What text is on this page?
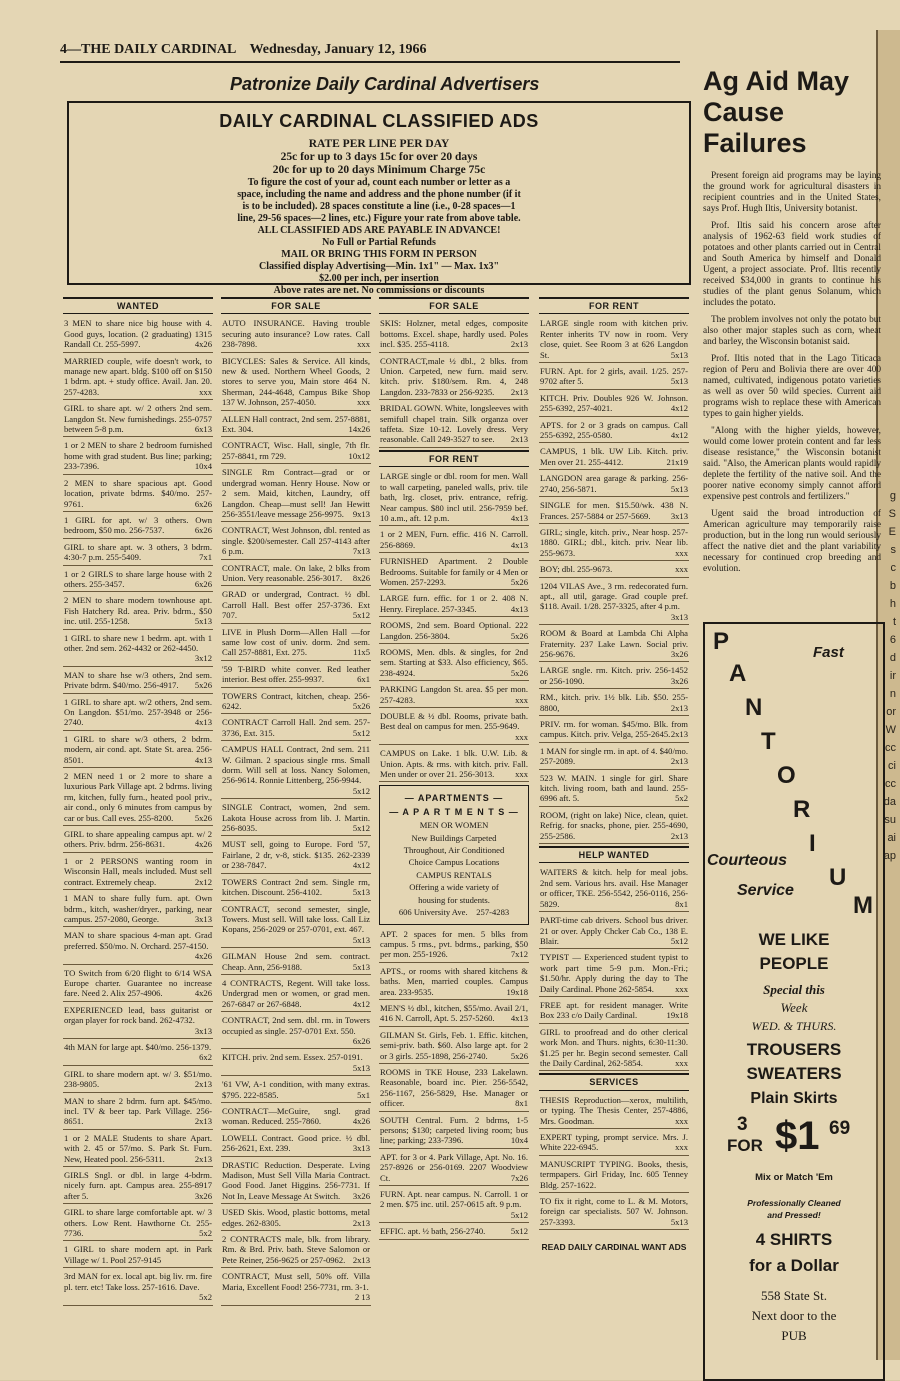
g
S
E
s
c
b
h
t
6
d
ir
n
or
W
cc
ci
cc
da
su
ai
ap
4—THE DAILY CARDINAL Wednesday, January 12, 1966
Patronize Daily Cardinal Advertisers
DAILY CARDINAL CLASSIFIED ADS
RATE PER LINE PER DAY
25c for up to 3 days 15c for over 20 days
20c for up to 20 days Minimum Charge 75c
To figure the cost of your ad, count each number or letter as a
space, including the name and address and the phone number (if it
is to be included). 28 spaces constitute a line (i.e., 0-28 spaces—1
line, 29-56 spaces—2 lines, etc.) Figure your rate from above table.
ALL CLASSIFIED ADS ARE PAYABLE IN ADVANCE!
No Full or Partial Refunds
MAIL OR BRING THIS FORM IN PERSON
Classified display Advertising—Min. 1x1" — Max. 1x3"
$2.00 per inch, per insertion
Above rates are net. No commissions or discounts
WANTED
3 MEN to share nice big house with 4. Good guys, location. (2 graduating) 1315 Randall Ct. 255-5997.	4x26
MARRIED couple, wife doesn't work, to manage new apart. bldg. $100 off on $150 1 bdrm. apt. + study office. Avail. Jan. 20. 257-4283.	xxx
GIRL to share apt. w/ 2 others 2nd sem. Langdon St. New furnishedings. 255-0757 between 5-8 p.m.	6x13
1 or 2 MEN to share 2 bedroom furnished home with grad student. Bus line; parking; 233-7396.	10x4
2 MEN to share spacious apt. Good location, private bdrms. $40/mo. 257-9761.	6x26
1 GIRL for apt. w/ 3 others. Own bedroom, $50 mo. 256-7537.	6x26
GIRL to share apt. w. 3 others, 3 bdrm. 4:30-7 p.m. 255-5409.	7x1
1 or 2 GIRLS to share large house with 2 others. 255-3457.	6x26
2 MEN to share modern townhouse apt. Fish Hatchery Rd. area. Priv. bdrm., $50 inc. util. 255-1258.	5x13
1 GIRL to share new 1 bedrm. apt. with 1 other. 2nd sem. 262-4432 or 262-4450.
3x12
MAN to share hse w/3 others, 2nd sem. Private bdrm. $40/mo. 256-4917. 5x26
1 GIRL to share apt. w/2 others, 2nd sem. On Langdon. $51/mo. 257-3948 or 256-2740.	4x13
1 GIRL to share w/3 others, 2 bdrm. modern, air cond. apt. State St. area. 256-8501.	4x13
2 MEN need 1 or 2 more to share a luxurious Park Village apt. 2 bdrms. living rm, kitchen, fully furn., heated pool priv., air cond., only 6 minutes from campus by car or bus. Call eves. 255-8200.	5x26
GIRL to share appealing campus apt. w/ 2 others. Priv. bdrm. 256-8631.	4x26
1 or 2 PERSONS wanting room in Wisconsin Hall, meals included. Must sell contract. Extremely cheap.	2x12
1 MAN to share fully furn. apt. Own bdrm., kitch, washer/dryer., parking, near campus. 257-2080, George.	3x13
MAN to share spacious 4-man apt. Grad preferred. $50/mo. N. Orchard. 257-4150.
4x26
TO Switch from 6/20 flight to 6/14 WSA Europe charter. Guarantee no increase fare. Need 2. Alix 257-4906.	4x26
EXPERIENCED lead, bass guitarist or organ player for rock band. 262-4732.
3x13
4th MAN for large apt. $40/mo. 256-1379.
6x2
GIRL to share modern apt. w/ 3. $51/mo. 238-9805.	2x13
MAN to share 2 bdrm. furn apt. $45/mo. incl. TV & beer tap. Park Village. 256-8651.	2x13
1 or 2 MALE Students to share Apart. with 2. 45 or 57/mo. S. Park St. Furn. New, Heated pool. 256-5311.	2x13
GIRLS Sngl. or dbl. in large 4-bdrm. nicely furn. apt. Campus area. 255-8917 after 5.	3x26
GIRL to share large comfortable apt. w/ 3 others. Low Rent. Hawthorne Ct. 255-7736.	5x2
1 GIRL to share modern apt. in Park Village w/ 1. Pool 257-9145
3rd MAN for ex. local apt. big liv. rm. fire pl. terr. etc! Take loss. 257-1616. Dave.
5x2
FOR SALE
AUTO INSURANCE. Having trouble securing auto insurance? Low rates. Call 238-7898.	xxx
BICYCLES: Sales & Service. All kinds, new & used. Northern Wheel Goods, 2 stores to serve you, Main store 464 N. Sherman, 244-4648, Campus Bike Shop 137 W. Johnson, 257-4050.	xxx
ALLEN Hall contract, 2nd sem. 257-8881, Ext. 304.	14x26
CONTRACT, Wisc. Hall, single, 7th flr. 257-8841, rm 729.	10x12
SINGLE Rm Contract—grad or or undergrad woman. Henry House. Now or 2 sem. Maid, kitchen, Laundry, off Langdon. Cheap—must sell! Jan Hewitt 256-3551/leave message 256-9975. 9x13
CONTRACT, West Johnson, dbl. rented as single. $200/semester. Call 257-4143 after 6 p.m.	7x13
CONTRACT, male. On lake, 2 blks from Union. Very reasonable. 256-3017. 8x26
GRAD or undergrad, Contract. ½ dbl. Carroll Hall. Best offer 257-3736. Ext 707.	5x12
LIVE in Plush Dorm—Allen Hall —for same low cost of univ. dorm. 2nd sem. Call 257-8881, Ext. 275.	11x5
'59 T-BIRD white conver. Red leather interior. Best offer. 255-9937.	6x1
TOWERS Contract, kitchen, cheap. 256-6242.	5x26
CONTRACT Carroll Hall. 2nd sem. 257-3736, Ext. 315.	5x12
CAMPUS HALL Contract, 2nd sem. 211 W. Gilman. 2 spacious single rms. Small dorm. Will sell at loss. Nancy Solomen, 256-9614. Ronnie Littenberg, 256-9944.
5x12
SINGLE Contract, women, 2nd sem. Lakota House across from lib. J. Martin. 256-8035.	5x12
MUST sell, going to Europe. Ford '57, Fairlane, 2 dr, v-8, stick. $135. 262-2339 or 238-7847.	4x12
TOWERS Contract 2nd sem. Single rm, kitchen. Discount. 256-4102.	5x13
CONTRACT, second semester, single, Towers. Must sell. Will take loss. Call Liz Kopans, 256-2029 or 257-0701, ext. 467.
5x13
GILMAN House 2nd sem. contract. Cheap. Ann, 256-9188.	5x13
4 CONTRACTS, Regent. Will take loss. Undergrad men or women, or grad men. 267-6847 or 267-6848.	4x12
CONTRACT, 2nd sem. dbl. rm. in Towers occupied as single. 257-0701 Ext. 550.
6x26
KITCH. priv. 2nd sem. Essex. 257-0191.
5x13
'61 VW, A-1 condition, with many extras. $795. 222-8585.	5x1
CONTRACT—McGuire, sngl. grad woman. Reduced. 255-7860.	4x26
LOWELL Contract. Good price. ½ dbl. 256-2621, Ext. 239.	3x13
DRASTIC Reduction. Desperate. Lving Madison, Must Sell Villa Maria Contract. Good Food. Janet Higgins. 256-7731. If Not In, Leave Message At Switch. 3x26
USED Skis. Wood, plastic bottoms, metal edges. 262-8305.	2x13
2 CONTRACTS male, blk. from library. Rm. & Brd. Priv. bath. Steve Salomon or Pete Reiner, 256-9625 or 257-0962. 2x13
CONTRACT, Must sell, 50% off. Villa Maria, Excellent Food! 256-7731, rm. 3-1.
2 13
FOR SALE
SKIS: Holzner, metal edges, composite bottoms. Excel. shape, hardly used. Poles incl. $35. 255-4118.	2x13
CONTRACT,male ½ dbl., 2 blks. from Union. Carpeted, new furn. maid serv. kitch. priv. $180/sem. Rm. 4, 248 Langdon. 233-7833 or 256-9235. 2x13
BRIDAL GOWN. White, longsleeves with semifull chapel train. Silk organza over taffeta. Size 10-12. Lovely dress. Very reasonable. Call 249-3527 to see. 2x13
FOR RENT
LARGE single or dbl. room for men. Wall to wall carpeting, paneled walls, priv. tile bath, lrg. closet, priv. entrance, refrig. Near campus. $80 incl util. 256-7959 bef. 10 a.m., aft. 12 p.m.	4x13
1 or 2 MEN, Furn. effic. 416 N. Carroll. 256-8869.	4x13
FURNISHED Apartment. 2 Double Bedrooms. Suitable for family or 4 Men or Women. 257-2293.	5x26
LARGE furn. effic. for 1 or 2. 408 N. Henry. Fireplace. 257-3345.	4x13
ROOMS, 2nd sem. Board Optional. 222 Langdon. 256-3804.	5x26
ROOMS, Men. dbls. & singles, for 2nd sem. Starting at $33. Also efficiency, $65. 238-4924.	5x26
PARKING Langdon St. area. $5 per mon. 257-4283.	xxx
DOUBLE & ½ dbl. Rooms, private bath. Best deal on campus for men. 255-9649.
xxx
CAMPUS on Lake. 1 blk. U.W. Lib. & Union. Apts. & rms. with kitch. priv. Fall. Men under or over 21. 256-3013. xxx
— APARTMENTS —
— A P A R T M E N T S —
MEN OR WOMEN
New Buildings Carpeted
Throughout, Air Conditioned
Choice Campus Locations
CAMPUS RENTALS
Offering a wide variety of
housing for students.
606 University Ave. 257-4283
APT. 2 spaces for men. 5 blks from campus. 5 rms., pvt. bdrms., parking, $50 per mon. 255-1926.	7x12
APTS., or rooms with shared kitchens & baths. Men, married couples. Campus area. 233-9535.	19x18
MEN'S ½ dbl., kitchen, $55/mo. Avail 2/1, 416 N. Carroll, Apt. 5. 257-5260. 4x13
GILMAN St. Girls, Feb. 1. Effic. kitchen, semi-priv. bath. $60. Also large apt. for 2 or 3 girls. 255-1898, 256-2740.	5x26
ROOMS in TKE House, 233 Lakelawn. Reasonable, board inc. Pier. 256-5542, 256-1167, 256-5829, Hse. Manager or officer.	8x1
SOUTH Central. Furn. 2 bdrms, 1-5 persons; $130; carpeted living room; bus line; parking; 233-7396.	10x4
APT. for 3 or 4. Park Village, Apt. No. 16. 257-8926 or 256-0169. 2207 Woodview Ct.	7x26
FURN. Apt. near campus. N. Carroll. 1 or 2 men. $75 inc. util. 257-0615 aft. 9 p.m.
5x12
EFFIC. apt. ½ bath, 256-2740.	5x12
FOR RENT
LARGE single room with kitchen priv. Renter inherits TV now in room. Very close, quiet. See Room 3 at 626 Langdon St.	5x13
FURN. Apt. for 2 girls, avail. 1/25. 257-9702 after 5.	5x13
KITCH. Priv. Doubles 926 W. Johnson. 255-6392, 257-4021.	4x12
APTS. for 2 or 3 grads on campus. Call 255-6392, 255-0580.	4x12
CAMPUS, 1 blk. UW Lib. Kitch. priv. Men over 21. 255-4412.	21x19
LANGDON area garage & parking. 256-2740, 256-5871.	5x13
SINGLE for men. $15.50/wk. 438 N. Frances. 257-5884 or 257-5669. 3x13
GIRL; single, kitch. priv., Near hosp. 257-1880. GIRL; dbl., kitch. priv. Near lib. 255-9673.	xxx
BOY; dbl. 255-9673.	xxx
1204 VILAS Ave., 3 rm. redecorated furn. apt., all util, garage. Grad couple pref. $118. Avail. 1/28. 257-3325, after 4 p.m.
3x13
ROOM & Board at Lambda Chi Alpha Fraternity. 237 Lake Lawn. Social priv. 256-9676.	3x26
LARGE sngle. rm. Kitch. priv. 256-1452 or 256-1090.	3x26
RM., kitch. priv. 1½ blk. Lib. $50. 255-8800,	2x13
PRIV. rm. for woman. $45/mo. Blk. from campus. Kitch. priv. Velga, 255-2645. 2x13
1 MAN for single rm. in apt. of 4. $40/mo. 257-2089.	2x13
523 W. MAIN. 1 single for girl. Share kitch. living room, bath and laund. 255-6996 aft. 5.	5x2
ROOM, (right on lake) Nice, clean, quiet. Refrig. for snacks, phone, pier. 255-4690, 255-2586.	2x13
HELP WANTED
WAITERS & kitch. help for meal jobs. 2nd sem. Various hrs. avail. Hse Manager or officer, TKE. 256-5542, 256-0116, 256-5829.	8x1
PART-time cab drivers. School bus driver. 21 or over. Apply Chcker Cab Co., 138 E. Blair.	5x12
TYPIST — Experienced student typist to work part time 5-9 p.m. Mon.-Fri.; $1.50/hr. Apply during the day to The Daily Cardinal. Phone 262-5854. xxx
FREE apt. for resident manager. Write Box 233 c/o Daily Cardinal.	19x18
GIRL to proofread and do other clerical work Mon. and Thurs. nights, 6:30-11:30. $1.25 per hr. Begin second semester. Call the Daily Cardinal, 262-5854.	xxx
SERVICES
THESIS Reproduction—xerox, multilith, or typing. The Thesis Center, 257-4886, Mrs. Goodman.	xxx
EXPERT typing, prompt service. Mrs. J. White 222-6945.	xxx
MANUSCRIPT TYPING. Books, thesis, termpapers. Girl Friday, Inc. 605 Tenney Bldg. 257-1622.
TO fix it right, come to L. & M. Motors, foreign car specialists. 507 W. Johnson. 257-3393.	5x13
READ DAILY CARDINAL WANT ADS
Ag Aid May Cause Failures

Present foreign aid programs may be laying the ground work for agricultural disasters in recipient countries and in the United States, says Prof. Hugh Iltis, University botanist.

Prof. Iltis said his concern arose after analysis of 1962-63 field work studies of potatoes and other plants carried out in Central and South America by himself and Donald Ugent, a project associate. Prof. Iltis recently received $34,000 in grants to continue his studies of the plant genus Solanum, which includes the potato.

The problem involves not only the potato but also other major staples such as corn, wheat and barley, the Wisconsin botanist said.

Prof. Iltis noted that in the Lago Titicaca region of Peru and Bolivia there are over 400 named, cultivated, indigenous potato varieties as well as over 50 wild species. Current aid programs wish to replace these with American types to gain higher yields.

"Along with the higher yields, however, would come lower protein content and far less disease resistance," the Wisconsin botanist said. "Also, the American plants would rapidly deplete the fertility of the native soil. And the poorer native economy simply cannot afford expensive pest controls and fertilizers."

Ugent said the broad introduction of American agriculture may temporarily raise production, but in the long run would seriously affect the native diet and the plant variability necessary for continued crop breeding and evolution.

P	Fast
A
N
T
O
R
I
U
M
Courteous
Service
WE LIKE
PEOPLE
Special this
Week
WED. & THURS.
TROUSERS
SWEATERS
Plain Skirts
3
FOR $1 69
Mix or Match 'Em
Professionally Cleaned
and Pressed!
4 SHIRTS
for a Dollar
558 State St.
Next door to the
PUB
